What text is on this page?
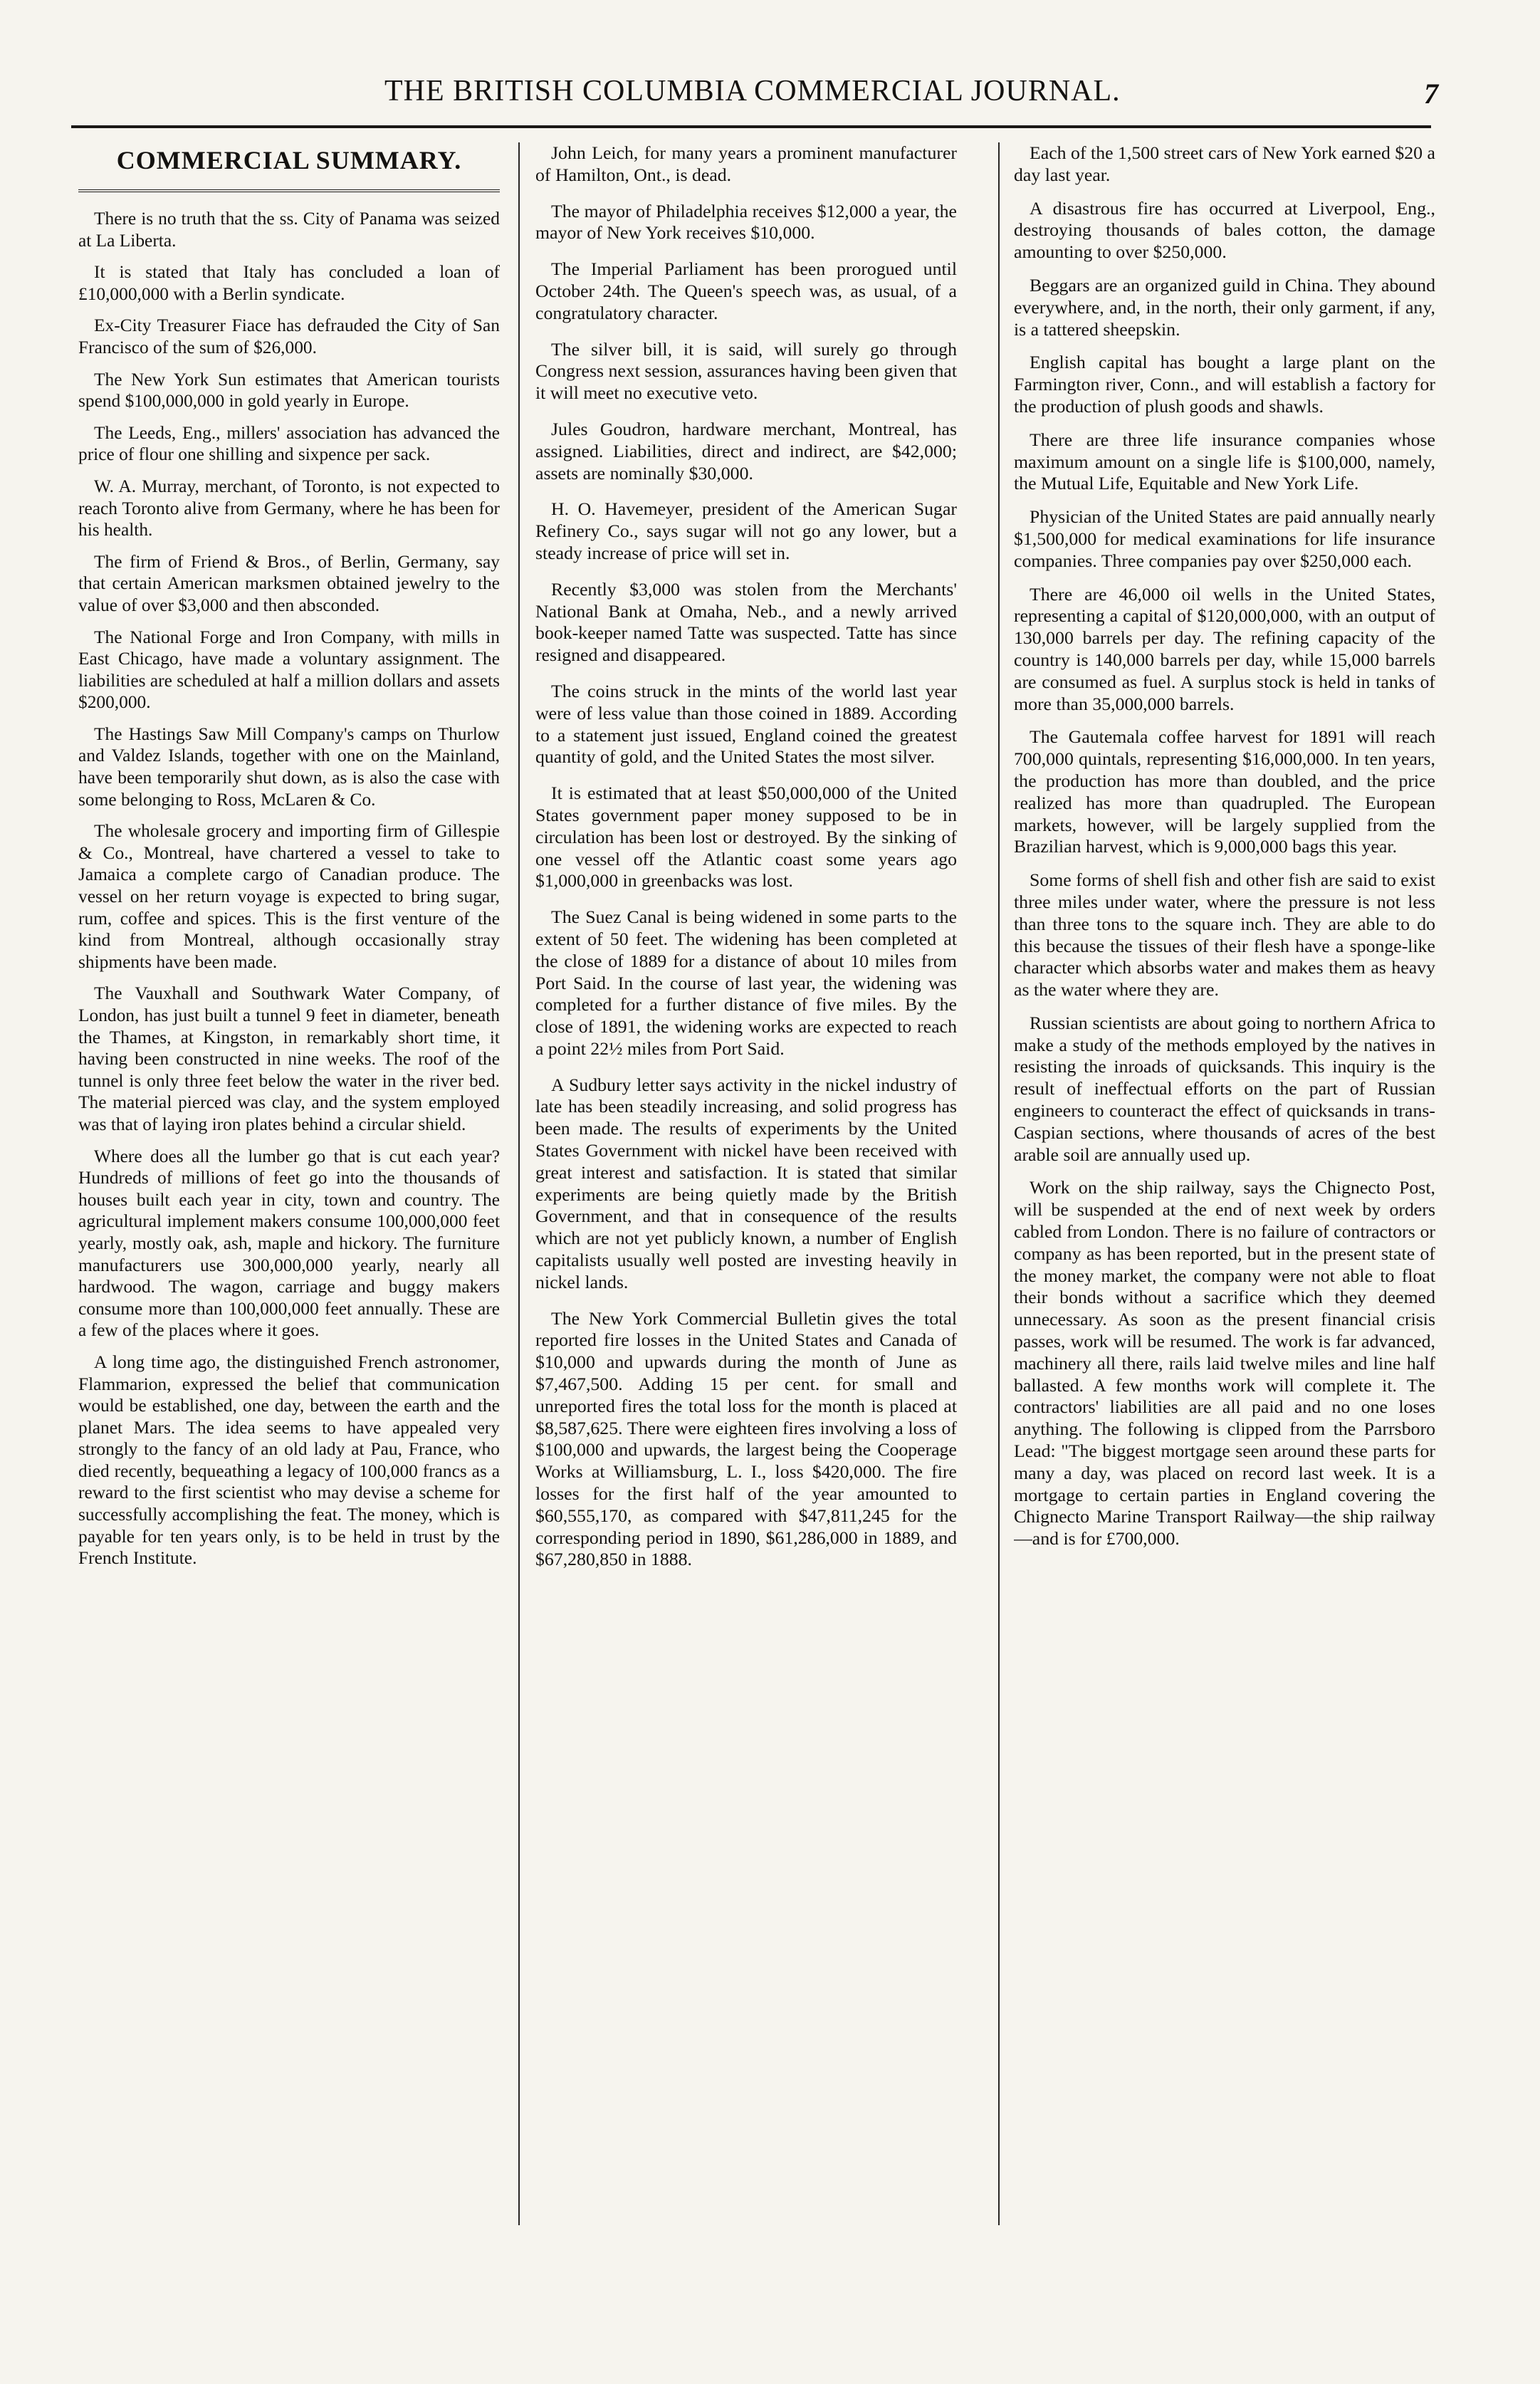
THE BRITISH COLUMBIA COMMERCIAL JOURNAL.	7
COMMERCIAL SUMMARY.

There is no truth that the ss. City of Panama was seized at La Liberta.

It is stated that Italy has concluded a loan of £10,000,000 with a Berlin syndicate.

Ex-City Treasurer Fiace has defrauded the City of San Francisco of the sum of $26,000.

The New York Sun estimates that American tourists spend $100,000,000 in gold yearly in Europe.

The Leeds, Eng., millers' association has advanced the price of flour one shilling and sixpence per sack.

W. A. Murray, merchant, of Toronto, is not expected to reach Toronto alive from Germany, where he has been for his health.

The firm of Friend & Bros., of Berlin, Germany, say that certain American marksmen obtained jewelry to the value of over $3,000 and then absconded.

The National Forge and Iron Company, with mills in East Chicago, have made a voluntary assignment. The liabilities are scheduled at half a million dollars and assets $200,000.

The Hastings Saw Mill Company's camps on Thurlow and Valdez Islands, together with one on the Mainland, have been temporarily shut down, as is also the case with some belonging to Ross, McLaren & Co.

The wholesale grocery and importing firm of Gillespie & Co., Montreal, have chartered a vessel to take to Jamaica a complete cargo of Canadian produce. The vessel on her return voyage is expected to bring sugar, rum, coffee and spices. This is the first venture of the kind from Montreal, although occasionally stray shipments have been made.

The Vauxhall and Southwark Water Company, of London, has just built a tunnel 9 feet in diameter, beneath the Thames, at Kingston, in remarkably short time, it having been constructed in nine weeks. The roof of the tunnel is only three feet below the water in the river bed. The material pierced was clay, and the system employed was that of laying iron plates behind a circular shield.

Where does all the lumber go that is cut each year? Hundreds of millions of feet go into the thousands of houses built each year in city, town and country. The agricultural implement makers consume 100,000,000 feet yearly, mostly oak, ash, maple and hickory. The furniture manufacturers use 300,000,000 yearly, nearly all hardwood. The wagon, carriage and buggy makers consume more than 100,000,000 feet annually. These are a few of the places where it goes.

A long time ago, the distinguished French astronomer, Flammarion, expressed the belief that communication would be established, one day, between the earth and the planet Mars. The idea seems to have appealed very strongly to the fancy of an old lady at Pau, France, who died recently, bequeathing a legacy of 100,000 francs as a reward to the first scientist who may devise a scheme for successfully accomplishing the feat. The money, which is payable for ten years only, is to be held in trust by the French Institute.

John Leich, for many years a prominent manufacturer of Hamilton, Ont., is dead.

The mayor of Philadelphia receives $12,000 a year, the mayor of New York receives $10,000.

The Imperial Parliament has been prorogued until October 24th. The Queen's speech was, as usual, of a congratulatory character.

The silver bill, it is said, will surely go through Congress next session, assurances having been given that it will meet no executive veto.

Jules Goudron, hardware merchant, Montreal, has assigned. Liabilities, direct and indirect, are $42,000; assets are nominally $30,000.

H. O. Havemeyer, president of the American Sugar Refinery Co., says sugar will not go any lower, but a steady increase of price will set in.

Recently $3,000 was stolen from the Merchants' National Bank at Omaha, Neb., and a newly arrived book-keeper named Tatte was suspected. Tatte has since resigned and disappeared.

The coins struck in the mints of the world last year were of less value than those coined in 1889. According to a statement just issued, England coined the greatest quantity of gold, and the United States the most silver.

It is estimated that at least $50,000,000 of the United States government paper money supposed to be in circulation has been lost or destroyed. By the sinking of one vessel off the Atlantic coast some years ago $1,000,000 in greenbacks was lost.

The Suez Canal is being widened in some parts to the extent of 50 feet. The widening has been completed at the close of 1889 for a distance of about 10 miles from Port Said. In the course of last year, the widening was completed for a further distance of five miles. By the close of 1891, the widening works are expected to reach a point 22½ miles from Port Said.

A Sudbury letter says activity in the nickel industry of late has been steadily increasing, and solid progress has been made. The results of experiments by the United States Government with nickel have been received with great interest and satisfaction. It is stated that similar experiments are being quietly made by the British Government, and that in consequence of the results which are not yet publicly known, a number of English capitalists usually well posted are investing heavily in nickel lands.

The New York Commercial Bulletin gives the total reported fire losses in the United States and Canada of $10,000 and upwards during the month of June as $7,467,500. Adding 15 per cent. for small and unreported fires the total loss for the month is placed at $8,587,625. There were eighteen fires involving a loss of $100,000 and upwards, the largest being the Cooperage Works at Williamsburg, L. I., loss $420,000. The fire losses for the first half of the year amounted to $60,555,170, as compared with $47,811,245 for the corresponding period in 1890, $61,286,000 in 1889, and $67,280,850 in 1888.

Each of the 1,500 street cars of New York earned $20 a day last year.

A disastrous fire has occurred at Liverpool, Eng., destroying thousands of bales cotton, the damage amounting to over $250,000.

Beggars are an organized guild in China. They abound everywhere, and, in the north, their only garment, if any, is a tattered sheepskin.

English capital has bought a large plant on the Farmington river, Conn., and will establish a factory for the production of plush goods and shawls.

There are three life insurance companies whose maximum amount on a single life is $100,000, namely, the Mutual Life, Equitable and New York Life.

Physician of the United States are paid annually nearly $1,500,000 for medical examinations for life insurance companies. Three companies pay over $250,000 each.

There are 46,000 oil wells in the United States, representing a capital of $120,000,000, with an output of 130,000 barrels per day. The refining capacity of the country is 140,000 barrels per day, while 15,000 barrels are consumed as fuel. A surplus stock is held in tanks of more than 35,000,000 barrels.

The Gautemala coffee harvest for 1891 will reach 700,000 quintals, representing $16,000,000. In ten years, the production has more than doubled, and the price realized has more than quadrupled. The European markets, however, will be largely supplied from the Brazilian harvest, which is 9,000,000 bags this year.

Some forms of shell fish and other fish are said to exist three miles under water, where the pressure is not less than three tons to the square inch. They are able to do this because the tissues of their flesh have a sponge-like character which absorbs water and makes them as heavy as the water where they are.

Russian scientists are about going to northern Africa to make a study of the methods employed by the natives in resisting the inroads of quicksands. This inquiry is the result of ineffectual efforts on the part of Russian engineers to counteract the effect of quicksands in trans-Caspian sections, where thousands of acres of the best arable soil are annually used up.

Work on the ship railway, says the Chignecto Post, will be suspended at the end of next week by orders cabled from London. There is no failure of contractors or company as has been reported, but in the present state of the money market, the company were not able to float their bonds without a sacrifice which they deemed unnecessary. As soon as the present financial crisis passes, work will be resumed. The work is far advanced, machinery all there, rails laid twelve miles and line half ballasted. A few months work will complete it. The contractors' liabilities are all paid and no one loses anything. The following is clipped from the Parrsboro Lead: "The biggest mortgage seen around these parts for many a day, was placed on record last week. It is a mortgage to certain parties in England covering the Chignecto Marine Transport Railway—the ship railway—and is for £700,000.
